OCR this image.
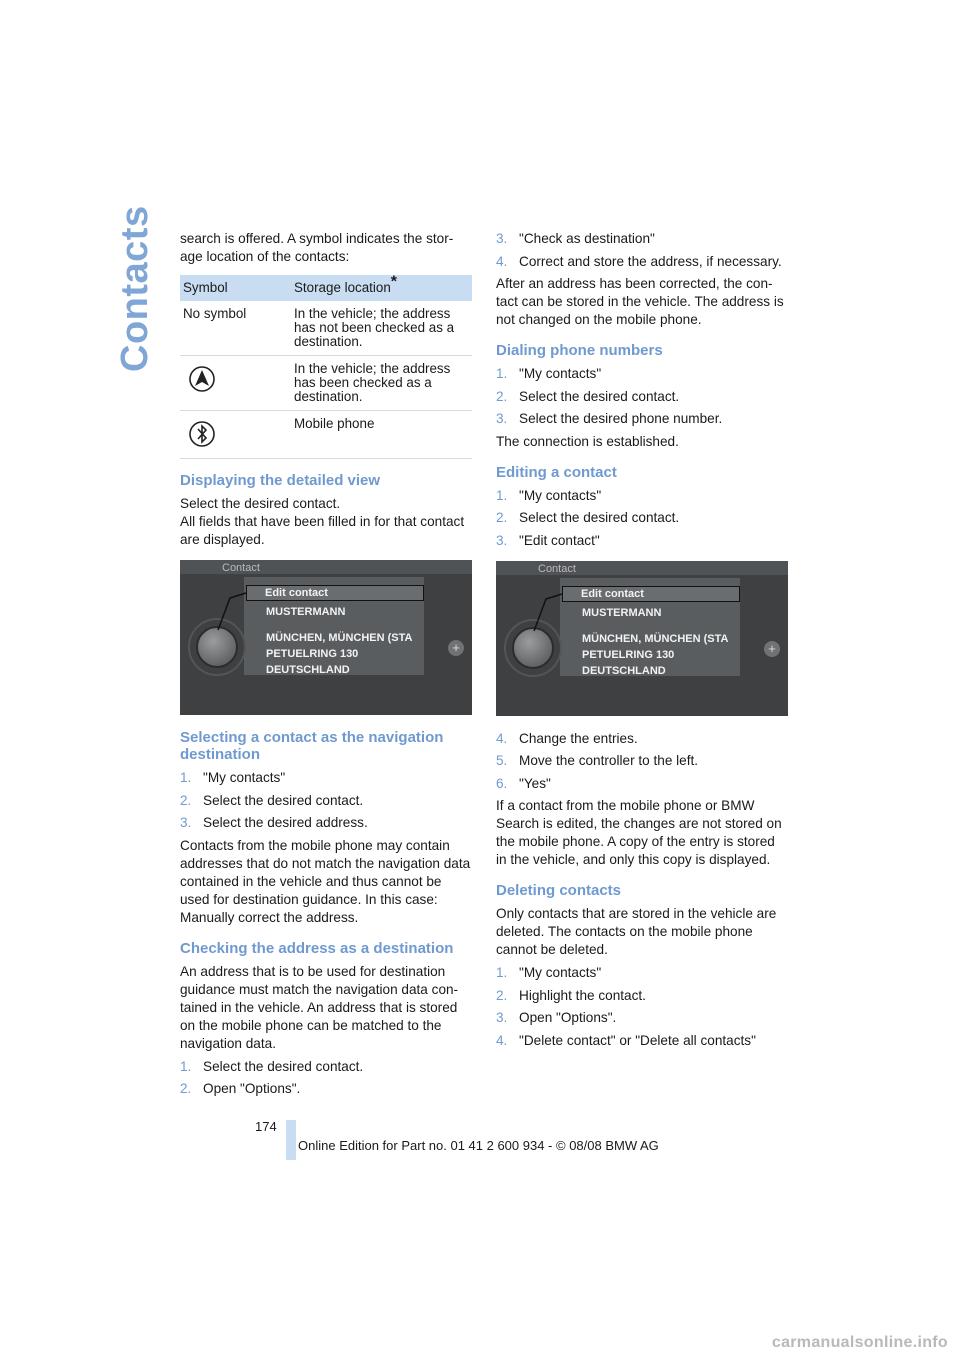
Contacts search is offered. A symbol indicates the stor-age location of the contacts:

Symbol	Storage location*
No symbol	In the vehicle; the address has not been checked as a destination.
	In the vehicle; the address has been checked as a destination.
	Mobile phone
Displaying the detailed view

Select the desired contact.

All fields that have been filled in for that contact are displayed.

Contact
Edit contact
MUSTERMANN
MÜNCHEN, MÜNCHEN (STA
PETUELRING 130
DEUTSCHLAND
+
Selecting a contact as the navigation destination
1. "My contacts"
2. Select the desired contact.
3. Select the desired address.

Contacts from the mobile phone may contain addresses that do not match the navigation data contained in the vehicle and thus cannot be used for destination guidance. In this case: Manually correct the address.

Checking the address as a destination

An address that is to be used for destination guidance must match the navigation data con-tained in the vehicle. An address that is stored on the mobile phone can be matched to the navigation data.

1. Select the desired contact.
2. Open "Options".
3. "Check as destination"
4. Correct and store the address, if necessary.

After an address has been corrected, the con-tact can be stored in the vehicle. The address is not changed on the mobile phone.

Dialing phone numbers
1. "My contacts"
2. Select the desired contact.
3. Select the desired phone number.

The connection is established.

Editing a contact
1. "My contacts"
2. Select the desired contact.
3. "Edit contact"
Contact
Edit contact
MUSTERMANN
MÜNCHEN, MÜNCHEN (STA
PETUELRING 130
DEUTSCHLAND
+
4. Change the entries.
5. Move the controller to the left.
6. "Yes"

If a contact from the mobile phone or BMW Search is edited, the changes are not stored on the mobile phone. A copy of the entry is stored in the vehicle, and only this copy is displayed.

Deleting contacts

Only contacts that are stored in the vehicle are deleted. The contacts on the mobile phone cannot be deleted.

1. "My contacts"
2. Highlight the contact.
3. Open "Options".
4. "Delete contact" or "Delete all contacts"
174
Online Edition for Part no. 01 41 2 600 934 - © 08/08 BMW AG
carmanualsonline.info
